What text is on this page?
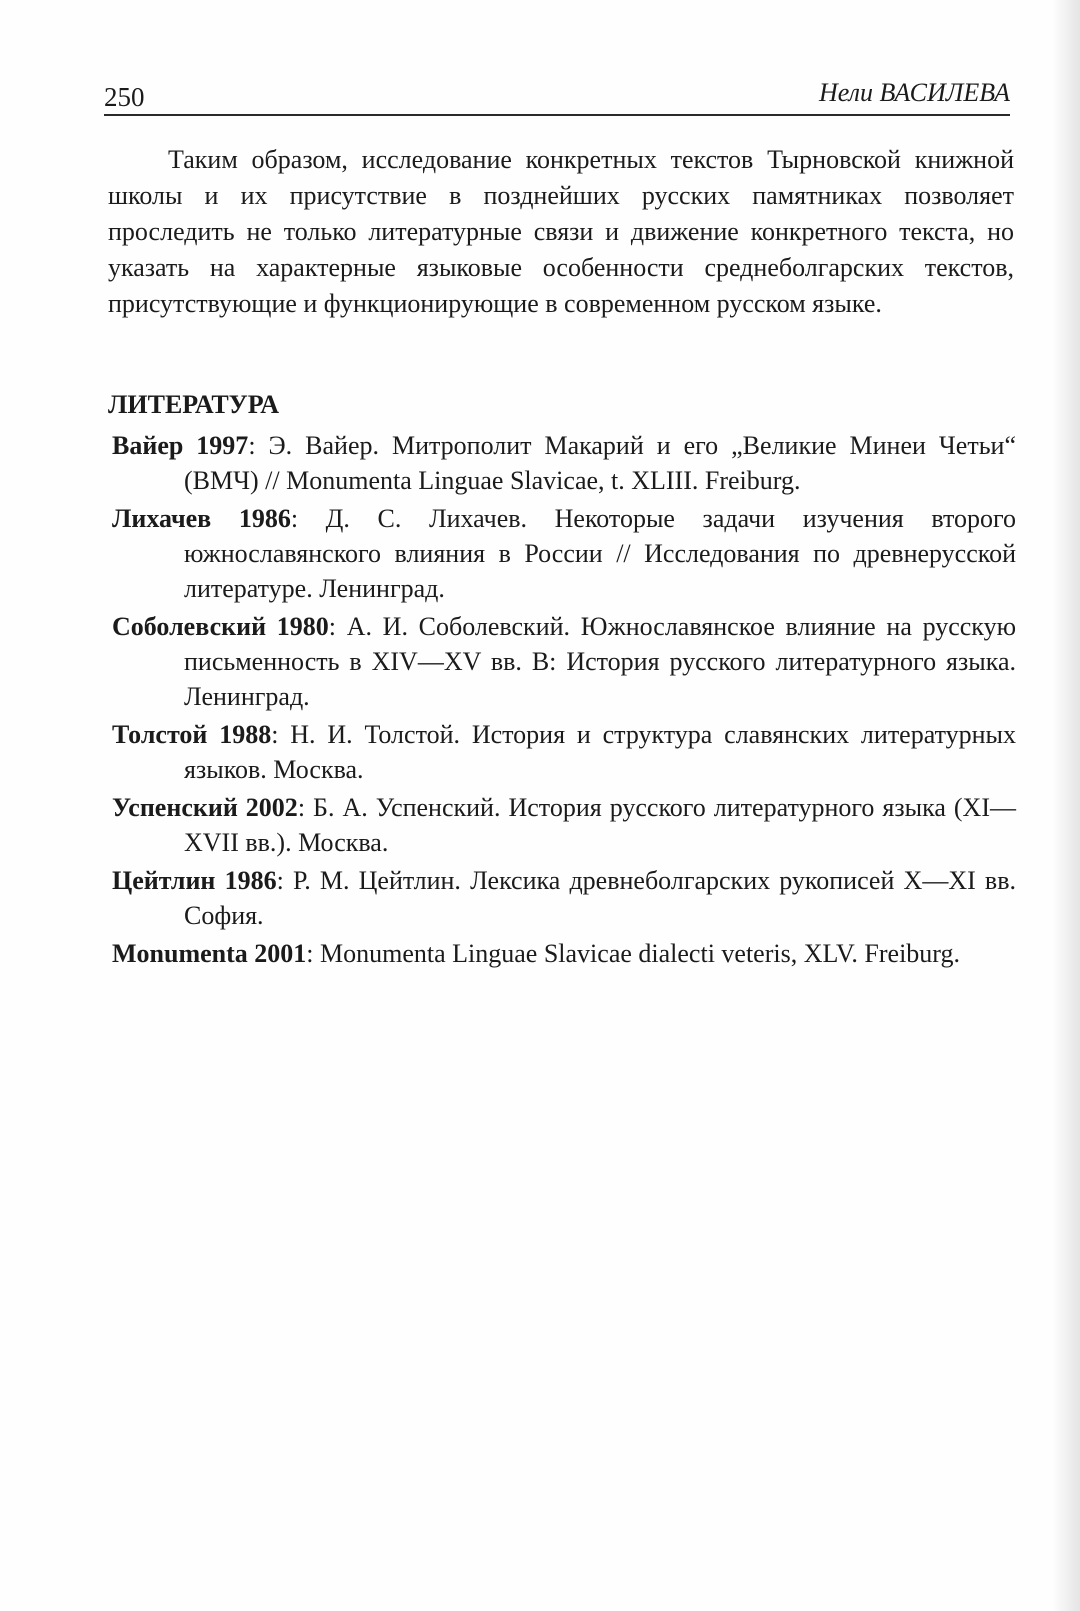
250	Нели ВАСИЛЕВА

Таким образом, исследование конкретных текстов Тырновской книжной школы и их присутствие в позднейших русских памятниках позволяет проследить не только литературные связи и движение конкретного текста, но указать на характерные языковые особенности среднеболгарских текстов, присутствующие и функционирующие в современном русском языке.

ЛИТЕРАТУРА
Вайер 1997: Э. Вайер. Митрополит Макарий и его „Великие Минеи Четьи“ (ВМЧ) // Monumenta Linguae Slavicae, t. XLIII. Freiburg.
Лихачев 1986: Д. С. Лихачев. Некоторые задачи изучения второго южнославянского влияния в России // Исследования по древнерусской литературе. Ленинград.
Соболевский 1980: А. И. Соболевский. Южнославянское влияние на русскую письменность в XIV—XV вв. В: История русского литературного языка. Ленинград.
Толстой 1988: Н. И. Толстой. История и структура славянских литературных языков. Москва.
Успенский 2002: Б. А. Успенский. История русского литературного языка (XI—XVII вв.). Москва.
Цейтлин 1986: Р. М. Цейтлин. Лексика древнеболгарских рукописей X—XI вв. София.
Monumenta 2001: Monumenta Linguae Slavicae dialecti veteris, XLV. Freiburg.
